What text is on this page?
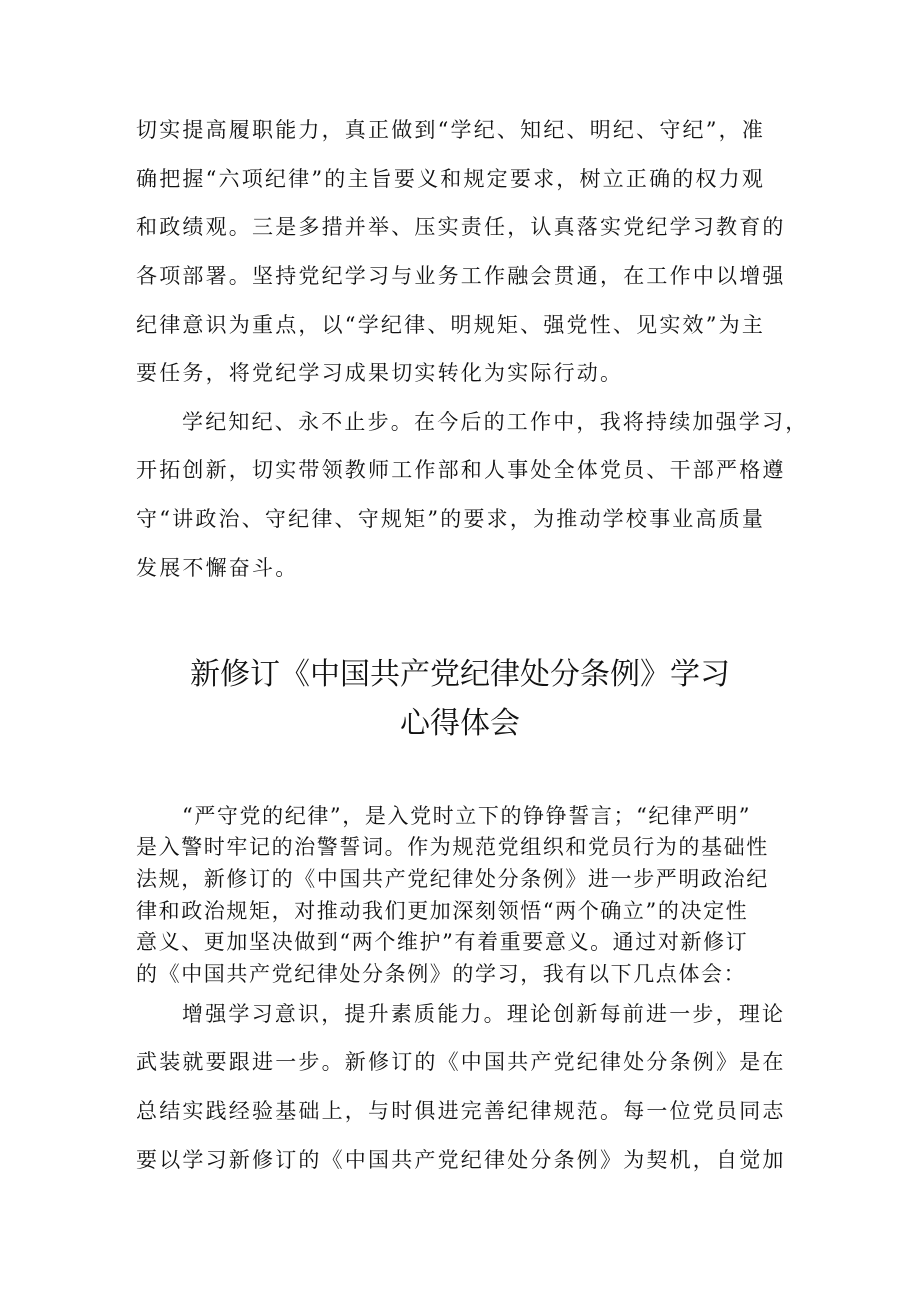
切实提高履职能力，真正做到“学纪、知纪、明纪、守纪”，准
确把握“六项纪律”的主旨要义和规定要求，树立正确的权力观
和政绩观。三是多措并举、压实责任，认真落实党纪学习教育的
各项部署。坚持党纪学习与业务工作融会贯通，在工作中以增强
纪律意识为重点，以“学纪律、明规矩、强党性、见实效”为主
要任务，将党纪学习成果切实转化为实际行动。
学纪知纪、永不止步。在今后的工作中，我将持续加强学习，
开拓创新，切实带领教师工作部和人事处全体党员、干部严格遵
守“讲政治、守纪律、守规矩”的要求，为推动学校事业高质量
发展不懈奋斗。
新修订《中国共产党纪律处分条例》学习
心得体会
“严守党的纪律”，是入党时立下的铮铮誓言；“纪律严明”
是入警时牢记的治警誓词。作为规范党组织和党员行为的基础性
法规，新修订的《中国共产党纪律处分条例》进一步严明政治纪
律和政治规矩，对推动我们更加深刻领悟“两个确立”的决定性
意义、更加坚决做到“两个维护”有着重要意义。通过对新修订
的《中国共产党纪律处分条例》的学习，我有以下几点体会：
增强学习意识，提升素质能力。理论创新每前进一步，理论
武装就要跟进一步。新修订的《中国共产党纪律处分条例》是在
总结实践经验基础上，与时俱进完善纪律规范。每一位党员同志
要以学习新修订的《中国共产党纪律处分条例》为契机，自觉加
